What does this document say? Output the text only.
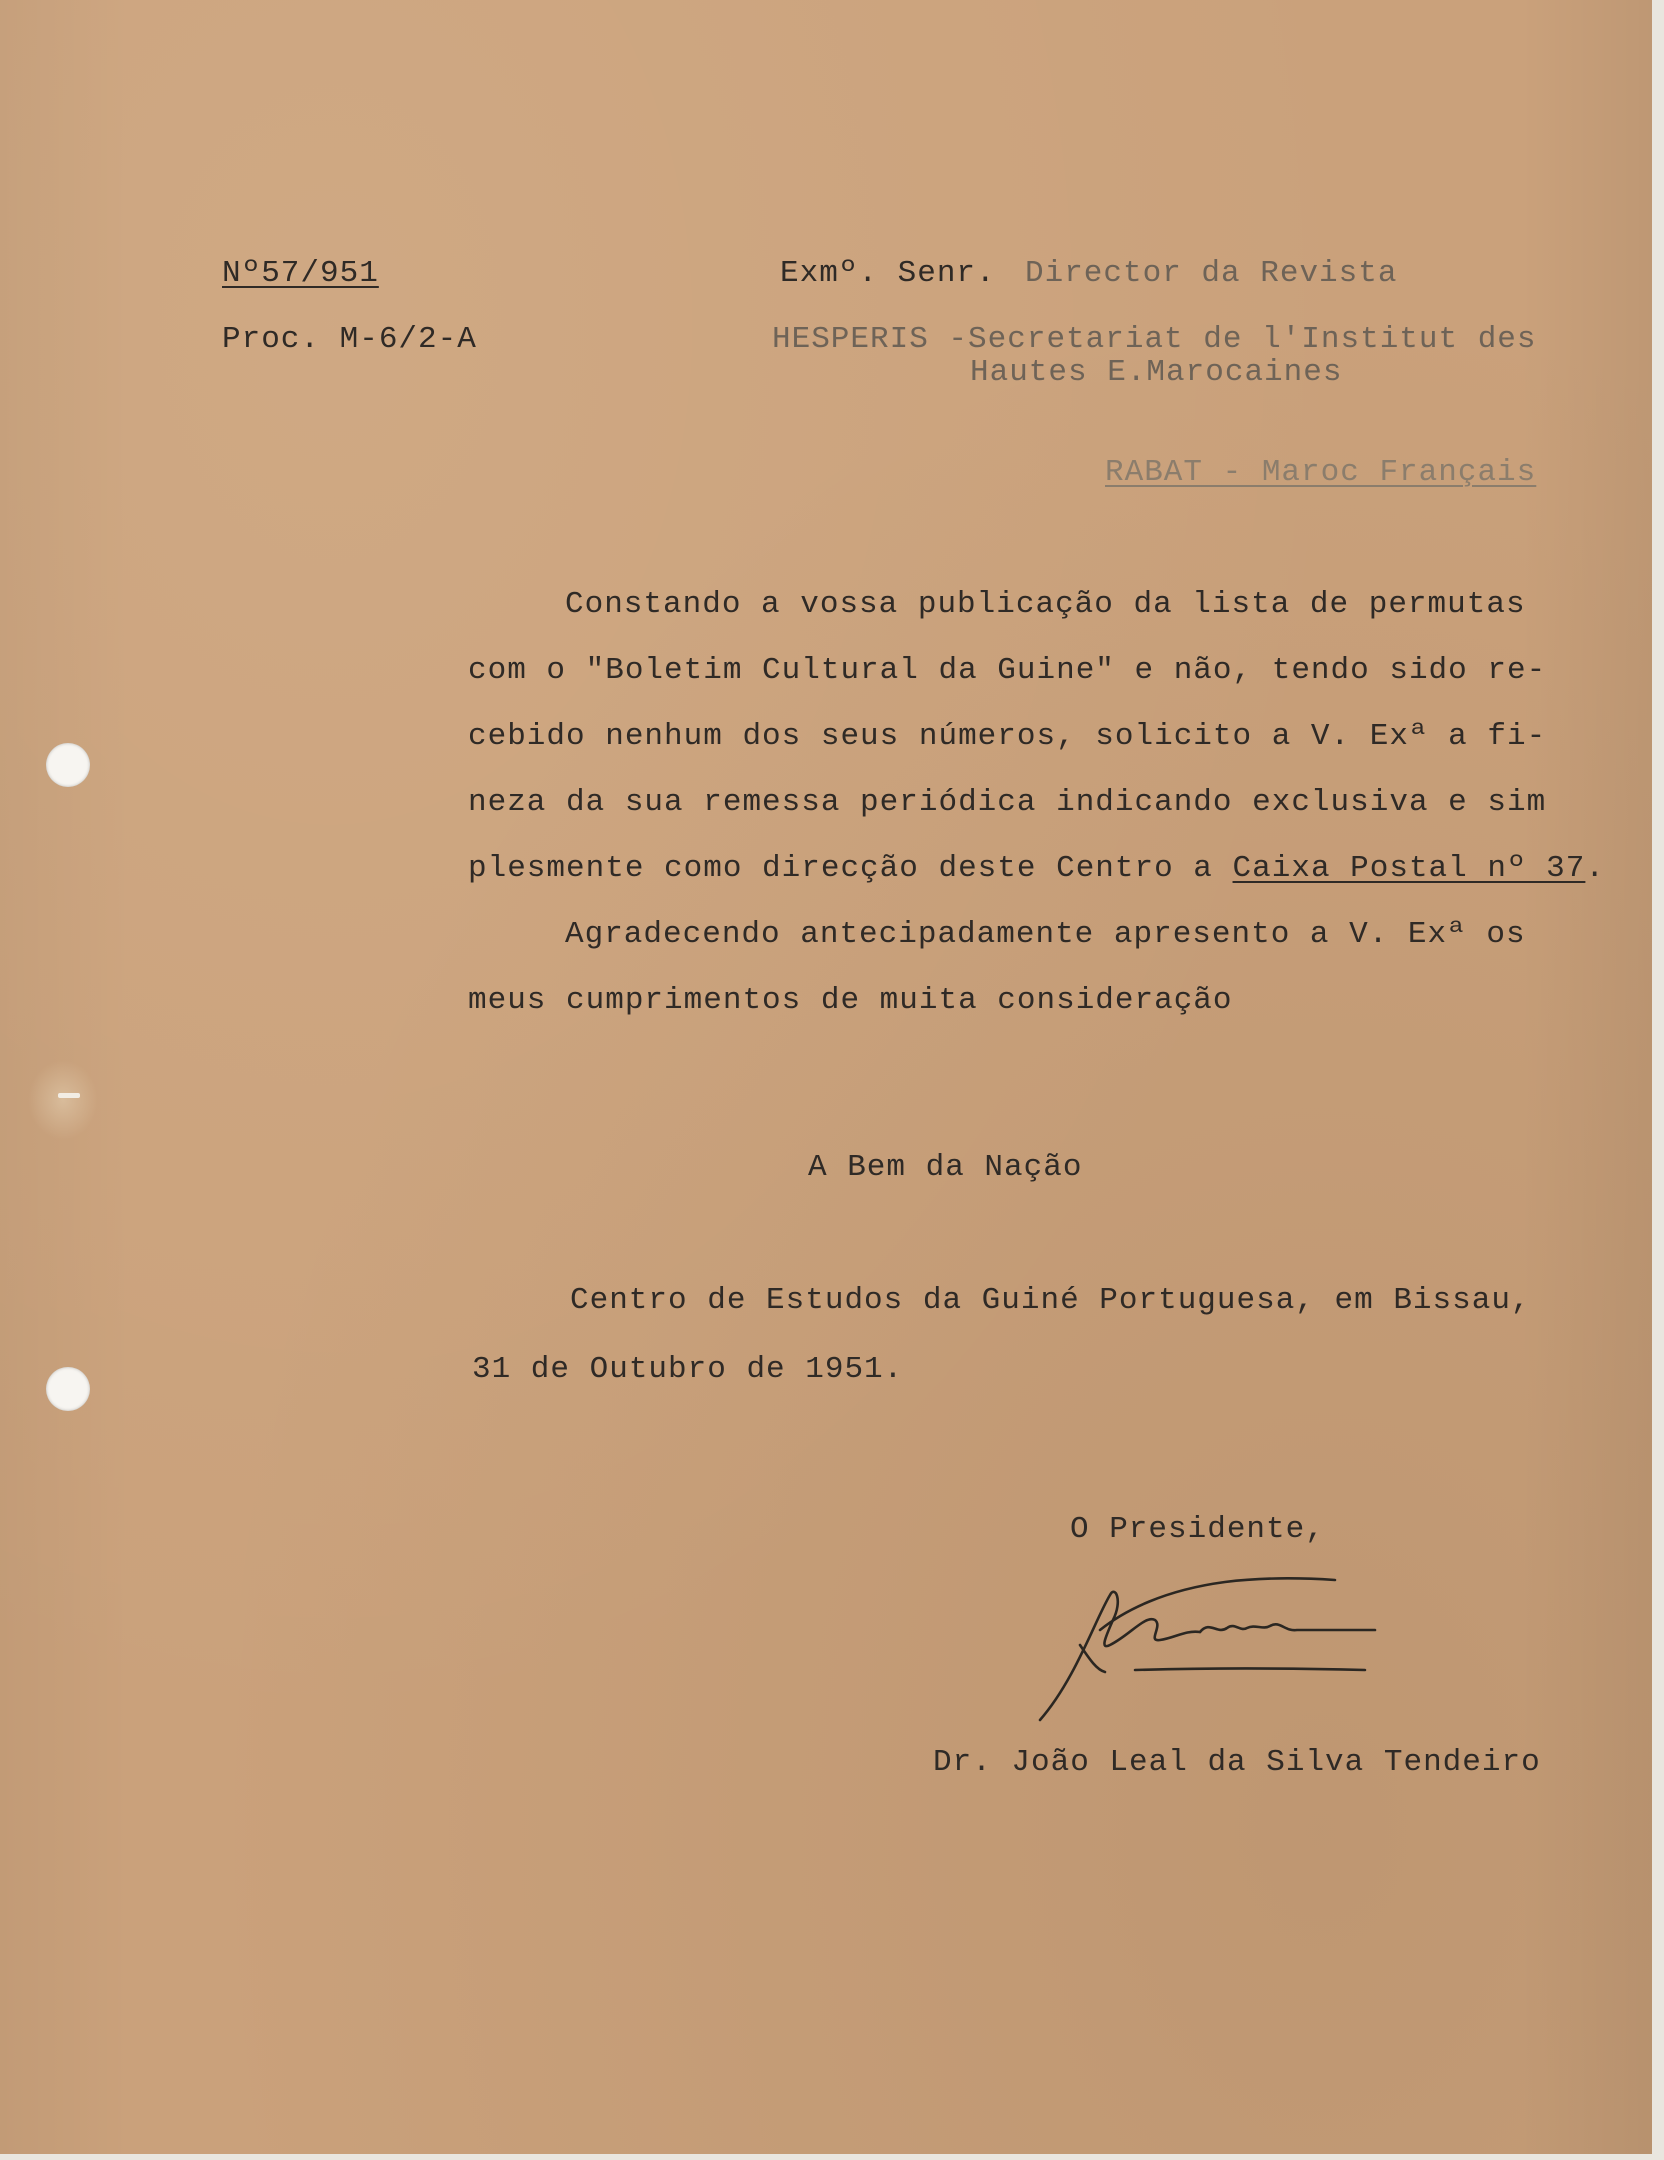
Nº57/951
Proc. M-6/2-A
Exmº. Senr. Director da Revista
HESPERIS -Secretariat de l'Institut des
Hautes E.Marocaines
RABAT - Maroc Français
Constando a vossa publicação da lista de permutas
com o "Boletim Cultural da Guine" e não, tendo sido re-
cebido nenhum dos seus números, solicito a V. Exª a fi-
neza da sua remessa periódica indicando exclusiva e sim
plesmente como direcção deste Centro a Caixa Postal nº 37.
Agradecendo antecipadamente apresento a V. Exª os
meus cumprimentos de muita consideração
A Bem da Nação
Centro de Estudos da Guiné Portuguesa, em Bissau,
31 de Outubro de 1951.
O Presidente,
Dr. João Leal da Silva Tendeiro
